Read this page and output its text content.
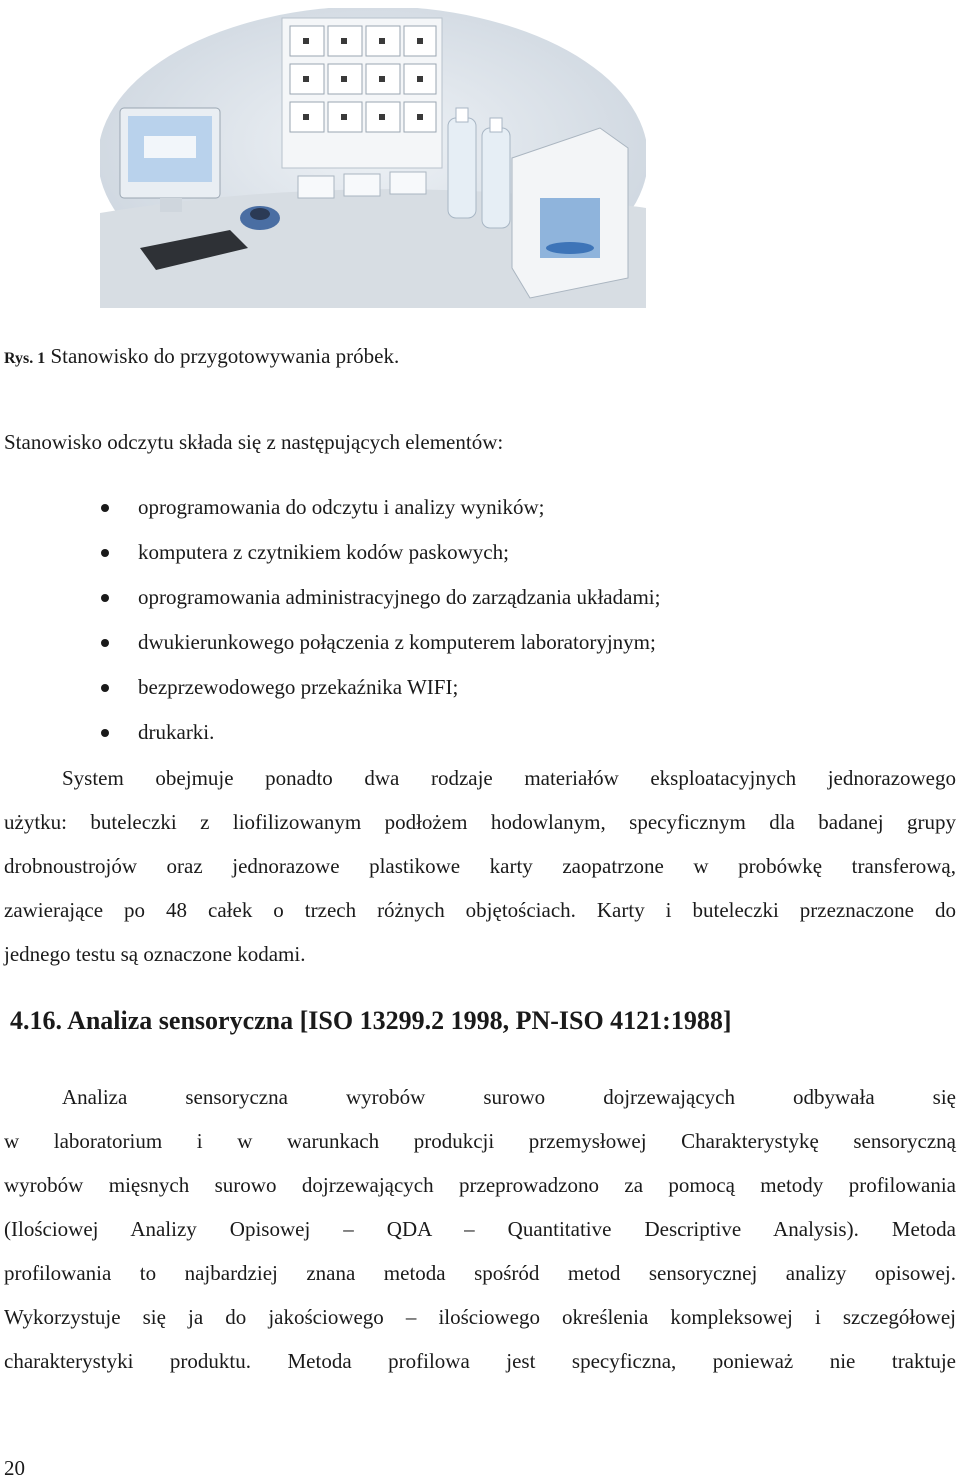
Rys. 1 Stanowisko do przygotowywania próbek.
Stanowisko odczytu składa się z następujących elementów:
oprogramowania do odczytu i analizy wyników;
komputera z czytnikiem kodów paskowych;
oprogramowania administracyjnego do zarządzania układami;
dwukierunkowego połączenia z komputerem laboratoryjnym;
bezprzewodowego przekaźnika WIFI;
drukarki.
System obejmuje ponadto dwa rodzaje materiałów eksploatacyjnych jednorazowego
użytku: buteleczki z liofilizowanym podłożem hodowlanym, specyficznym dla badanej grupy
drobnoustrojów oraz jednorazowe plastikowe karty zaopatrzone w probówkę transferową,
zawierające po 48 całek o trzech różnych objętościach. Karty i buteleczki przeznaczone do
jednego testu są oznaczone kodami.
4.16. Analiza sensoryczna [ISO 13299.2 1998, PN-ISO 4121:1988]
Analiza sensoryczna wyrobów surowo dojrzewających odbywała się
w laboratorium i w warunkach produkcji przemysłowej Charakterystykę sensoryczną
wyrobów mięsnych surowo dojrzewających przeprowadzono za pomocą metody profilowania
(Ilościowej Analizy Opisowej – QDA – Quantitative Descriptive Analysis). Metoda
profilowania to najbardziej znana metoda spośród metod sensorycznej analizy opisowej.
Wykorzystuje się ja do jakościowego – ilościowego określenia kompleksowej i szczegółowej
charakterystyki produktu. Metoda profilowa jest specyficzna, ponieważ nie traktuje
20
